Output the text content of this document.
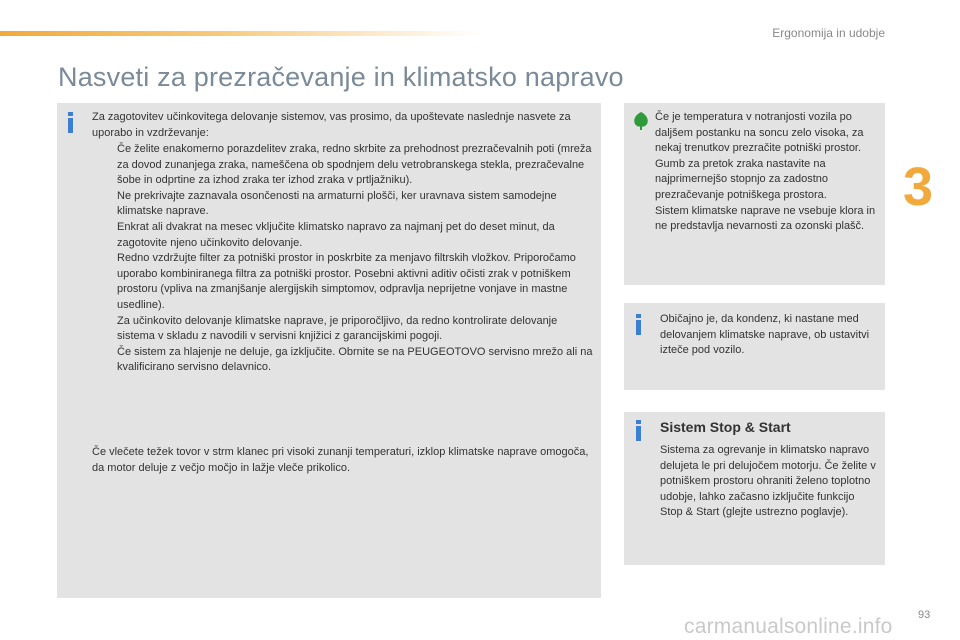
Ergonomija in udobje
3
Nasveti za prezračevanje in klimatsko napravo
Za zagotovitev učinkovitega delovanje sistemov, vas prosimo, da upoštevate naslednje nasvete za uporabo in vzdrževanje:
Če želite enakomerno porazdelitev zraka, redno skrbite za prehodnost prezračevalnih poti (mreža za dovod zunanjega zraka, nameščena ob spodnjem delu vetrobranskega stekla, prezračevalne šobe in odprtine za izhod zraka ter izhod zraka v prtljažniku).
Ne prekrivajte zaznavala osončenosti na armaturni plošči, ker uravnava sistem samodejne klimatske naprave.
Enkrat ali dvakrat na mesec vključite klimatsko napravo za najmanj pet do deset minut, da zagotovite njeno učinkovito delovanje.
Redno vzdržujte filter za potniški prostor in poskrbite za menjavo filtrskih vložkov. Priporočamo uporabo kombiniranega filtra za potniški prostor. Posebni aktivni aditiv očisti zrak v potniškem prostoru (vpliva na zmanjšanje alergijskih simptomov, odpravlja neprijetne vonjave in mastne usedline).
Za učinkovito delovanje klimatske naprave, je priporočljivo, da redno kontrolirate delovanje sistema v skladu z navodili v servisni knjižici z garancijskimi pogoji.
Če sistem za hlajenje ne deluje, ga izključite. Obrnite se na PEUGEOTOVO servisno mrežo ali na kvalificirano servisno delavnico.
Če vlečete težek tovor v strm klanec pri visoki zunanji temperaturi, izklop klimatske naprave omogoča, da motor deluje z večjo močjo in lažje vleče prikolico.
Če je temperatura v notranjosti vozila po daljšem postanku na soncu zelo visoka, za nekaj trenutkov prezračite potniški prostor.
Gumb za pretok zraka nastavite na najprimernejšo stopnjo za zadostno prezračevanje potniškega prostora.
Sistem klimatske naprave ne vsebuje klora in ne predstavlja nevarnosti za ozonski plašč.
Običajno je, da kondenz, ki nastane med delovanjem klimatske naprave, ob ustavitvi izteče pod vozilo.
Sistem Stop & Start
Sistema za ogrevanje in klimatsko napravo delujeta le pri delujočem motorju. Če želite v potniškem prostoru ohraniti želeno toplotno udobje, lahko začasno izključite funkcijo Stop & Start (glejte ustrezno poglavje).
93
carmanualsonline.info
